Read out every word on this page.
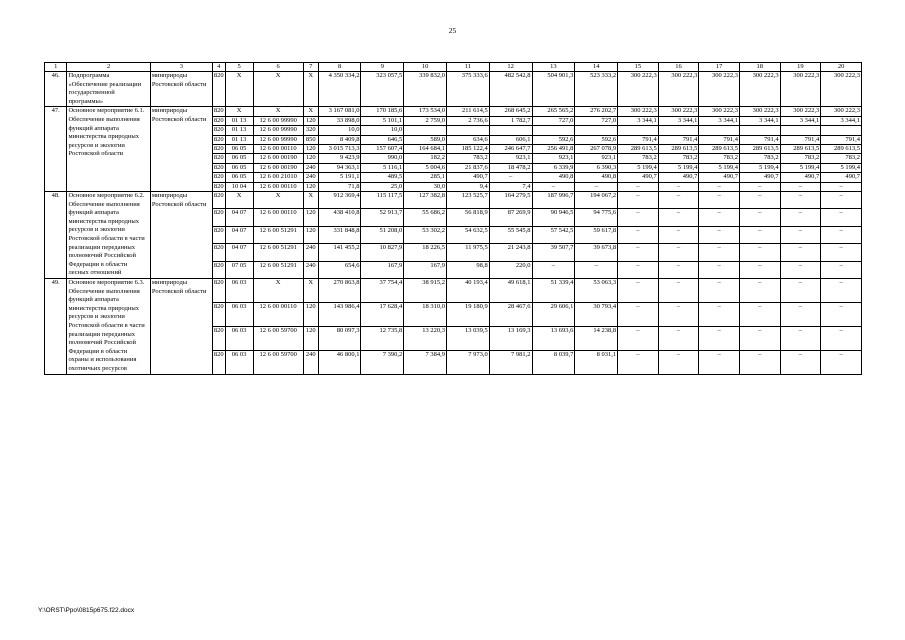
25
1	2	3	4	5	6	7	8	9	10	11	12	13	14	15	16	17	18	19	20
46.	Подпрограмма «Обеспечение реализации государственной программы»	минприроды Ростовской области	820	X	X	X	4 350 334,2	323 057,5	339 832,0	375 333,6	482 542,8	504 901,3	523 333,2	300 222,3	300 222,3	300 222,3	300 222,3	300 222,3	300 222,3
47.	Основное мероприятие 6.1. Обеспечение выполнения функций аппарата министерства природных ресурсов и экологии Ростовской области	минприроды Ростовской области	820	X	X	X	3 167 081,0	170 185,6	173 534,0	211 614,5	268 645,2	265 565,2	276 202,7	300 222,3	300 222,3	300 222,3	300 222,3	300 222,3	300 222,3
			820	01 13	12 6 00 99990	120	33 898,0	5 101,1	2 759,0	2 736,6	1 782,7	727,0	727,0	3 344,1	3 344,1	3 344,1	3 344,1	3 344,1	3 344,1
			820	01 13	12 6 00 99990	320	10,0	10,0											
			820	01 13	12 6 00 99990	850	8 409,8	646,5	589,0	634,6	606,1	592,6	592,6	791,4	791,4	791,4	791,4	791,4	791,4
			820	06 05	12 6 00 00110	120	3 015 713,3	157 607,4	164 684,1	185 122,4	246 647,7	256 491,8	267 078,9	289 613,5	289 613,5	289 613,5	289 613,5	289 613,5	289 613,5
			820	06 05	12 6 00 00190	120	9 423,9	990,0	182,2	783,2	923,1	923,1	923,1	783,2	783,2	783,2	783,2	783,2	783,2
			820	06 05	12 6 00 00190	240	94 363,1	5 116,1	5 004,6	21 837,6	18 478,2	6 339,9	6 390,3	5 199,4	5 199,4	5 199,4	5 199,4	5 199,4	5 199,4
			820	06 05	12 6 00 21010	240	5 191,1	489,5	285,1	490,7	–	490,8	490,8	490,7	490,7	490,7	490,7	490,7	490,7
			820	10 04	12 6 00 00110	120	71,8	25,0	30,0	9,4	7,4	–	–	–	–	–	–	–	–
48.	Основное мероприятие 6.2. Обеспечение выполнения функций аппарата министерства природных ресурсов и экологии Ростовской области в части реализации переданных полномочий Российской Федерации в области лесных отношений	минприроды Ростовской области	820	X	X	X	912 369,4	115 117,5	127 382,8	123 525,7	164 279,5	187 996,7	194 067,2	–	–	–	–	–	–
			820	04 07	12 6 00 00110	120	438 410,8	52 913,7	55 686,2	56 818,9	87 269,9	90 946,5	94 775,6	–	–	–	–	–	–
			820	04 07	12 6 00 51291	120	331 848,8	51 208,0	53 302,2	54 632,5	55 545,8	57 542,5	59 617,8	–	–	–	–	–	–
			820	04 07	12 6 00 51291	240	141 455,2	10 827,9	18 226,5	11 975,5	21 243,8	39 507,7	39 673,8	–	–	–	–	–	–
			820	07 05	12 6 00 51291	240	654,6	167,9	167,9	98,8	220,0	–	–	–	–	–	–	–	–
49.	Основное мероприятие 6.3. Обеспечение выполнения функций аппарата министерства природных ресурсов и экологии Ростовской области в части реализации переданных полномочий Российской Федерации в области охраны и использования охотничьих ресурсов	минприроды Ростовской области	820	06 03	X	X	270 863,8	37 754,4	38 915,2	40 193,4	49 618,1	51 339,4	53 063,3	–	–	–	–	–	–
			820	06 03	12 6 00 00110	120	143 986,4	17 628,4	18 310,0	19 180,9	28 467,6	29 606,1	30 793,4	–	–	–	–	–	–
			820	06 03	12 6 00 59700	120	80 097,3	12 735,8	13 220,3	13 039,5	13 169,3	13 693,6	14 238,8	–	–	–	–	–	–
			820	06 03	12 6 00 59700	240	46 800,1	7 390,2	7 384,9	7 973,0	7 981,2	8 039,7	8 031,1	–	–	–	–	–	–
Y:\ORST\Ppo\0815p675.f22.docx
